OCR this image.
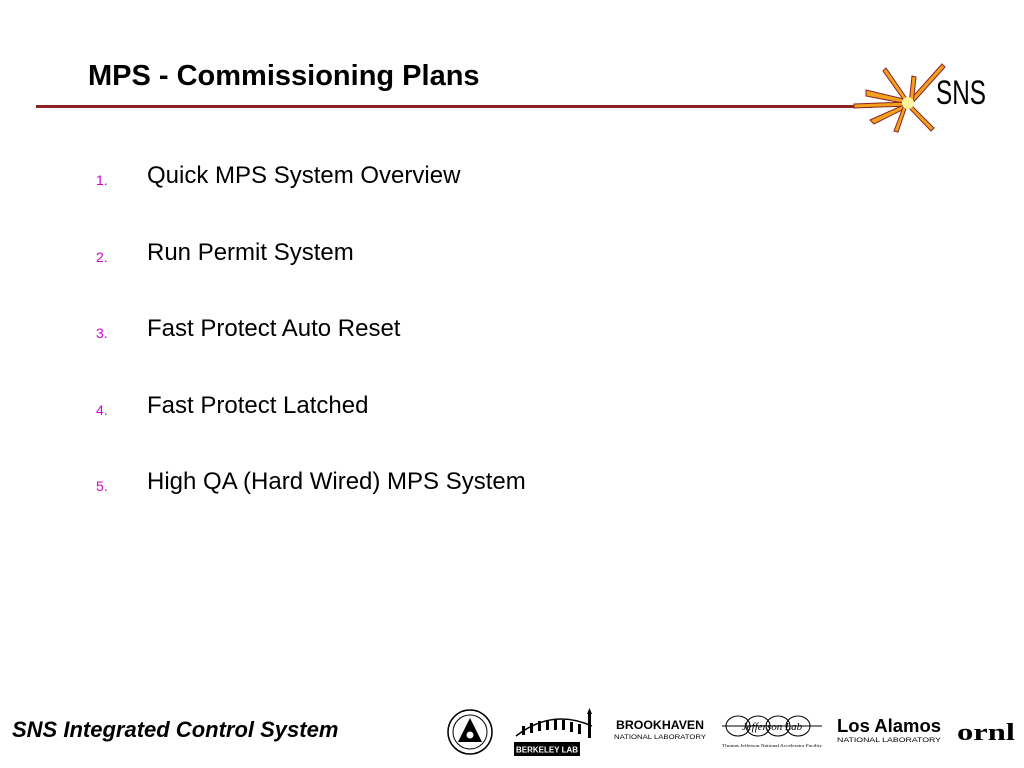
MPS - Commissioning Plans	SNS
1. Quick MPS System Overview
2. Run Permit System
3. Fast Protect Auto Reset
4. Fast Protect Latched
5. High QA (Hard Wired) MPS System
SNS Integrated Control System
BERKELEY LAB
BROOKHAVEN
NATIONAL LABORATORY
Jefferson Lab
Thomas Jefferson National Accelerator Facility
Los Alamos
NATIONAL LABORATORY ornl
